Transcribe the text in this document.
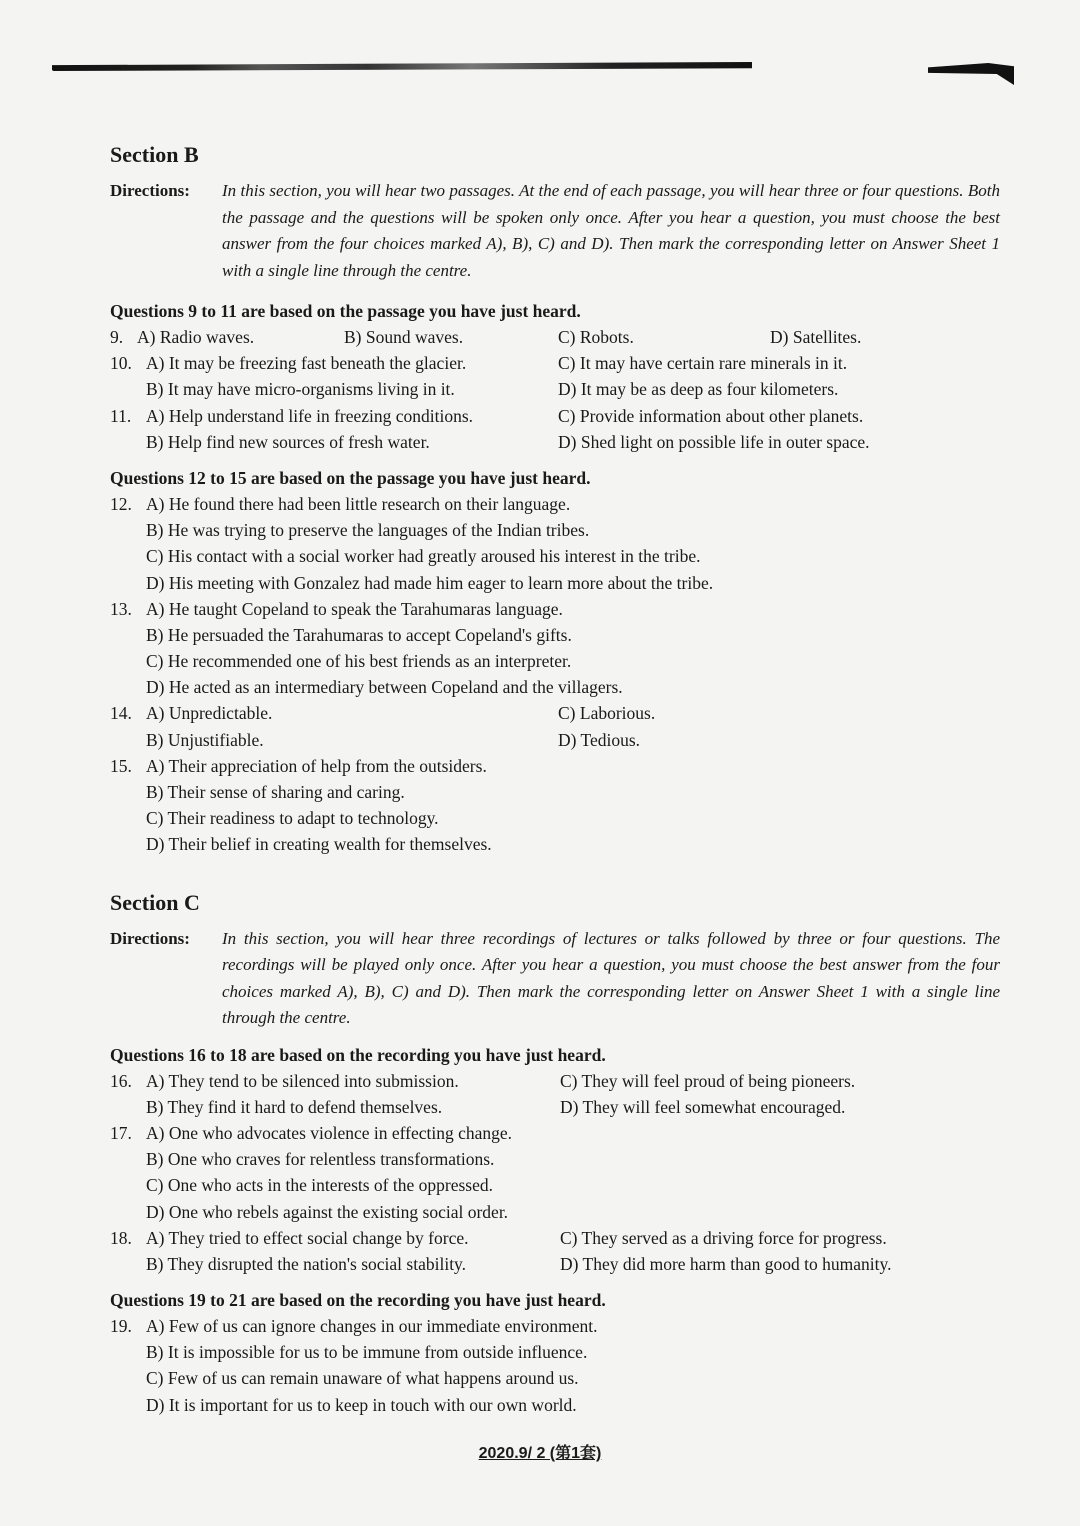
Section B
Directions: In this section, you will hear two passages. At the end of each passage, you will hear three or four questions. Both the passage and the questions will be spoken only once. After you hear a question, you must choose the best answer from the four choices marked A), B), C) and D). Then mark the corresponding letter on Answer Sheet 1 with a single line through the centre.
Questions 9 to 11 are based on the passage you have just heard.
9. A) Radio waves.	B) Sound waves.	C) Robots.	D) Satellites.
10. A) It may be freezing fast beneath the glacier.	C) It may have certain rare minerals in it.
B) It may have micro-organisms living in it.	D) It may be as deep as four kilometers.
11. A) Help understand life in freezing conditions.	C) Provide information about other planets.
B) Help find new sources of fresh water.	D) Shed light on possible life in outer space.
Questions 12 to 15 are based on the passage you have just heard.
12. A) He found there had been little research on their language.
B) He was trying to preserve the languages of the Indian tribes.
C) His contact with a social worker had greatly aroused his interest in the tribe.
D) His meeting with Gonzalez had made him eager to learn more about the tribe.
13. A) He taught Copeland to speak the Tarahumaras language.
B) He persuaded the Tarahumaras to accept Copeland's gifts.
C) He recommended one of his best friends as an interpreter.
D) He acted as an intermediary between Copeland and the villagers.
14. A) Unpredictable.	C) Laborious.
B) Unjustifiable.	D) Tedious.
15. A) Their appreciation of help from the outsiders.
B) Their sense of sharing and caring.
C) Their readiness to adapt to technology.
D) Their belief in creating wealth for themselves.
Section C
Directions: In this section, you will hear three recordings of lectures or talks followed by three or four questions. The recordings will be played only once. After you hear a question, you must choose the best answer from the four choices marked A), B), C) and D). Then mark the corresponding letter on Answer Sheet 1 with a single line through the centre.
Questions 16 to 18 are based on the recording you have just heard.
16. A) They tend to be silenced into submission.	C) They will feel proud of being pioneers.
B) They find it hard to defend themselves.	D) They will feel somewhat encouraged.
17. A) One who advocates violence in effecting change.
B) One who craves for relentless transformations.
C) One who acts in the interests of the oppressed.
D) One who rebels against the existing social order.
18. A) They tried to effect social change by force.	C) They served as a driving force for progress.
B) They disrupted the nation's social stability.	D) They did more harm than good to humanity.
Questions 19 to 21 are based on the recording you have just heard.
19. A) Few of us can ignore changes in our immediate environment.
B) It is impossible for us to be immune from outside influence.
C) Few of us can remain unaware of what happens around us.
D) It is important for us to keep in touch with our own world.
2020.9/ 2 (第1套)
